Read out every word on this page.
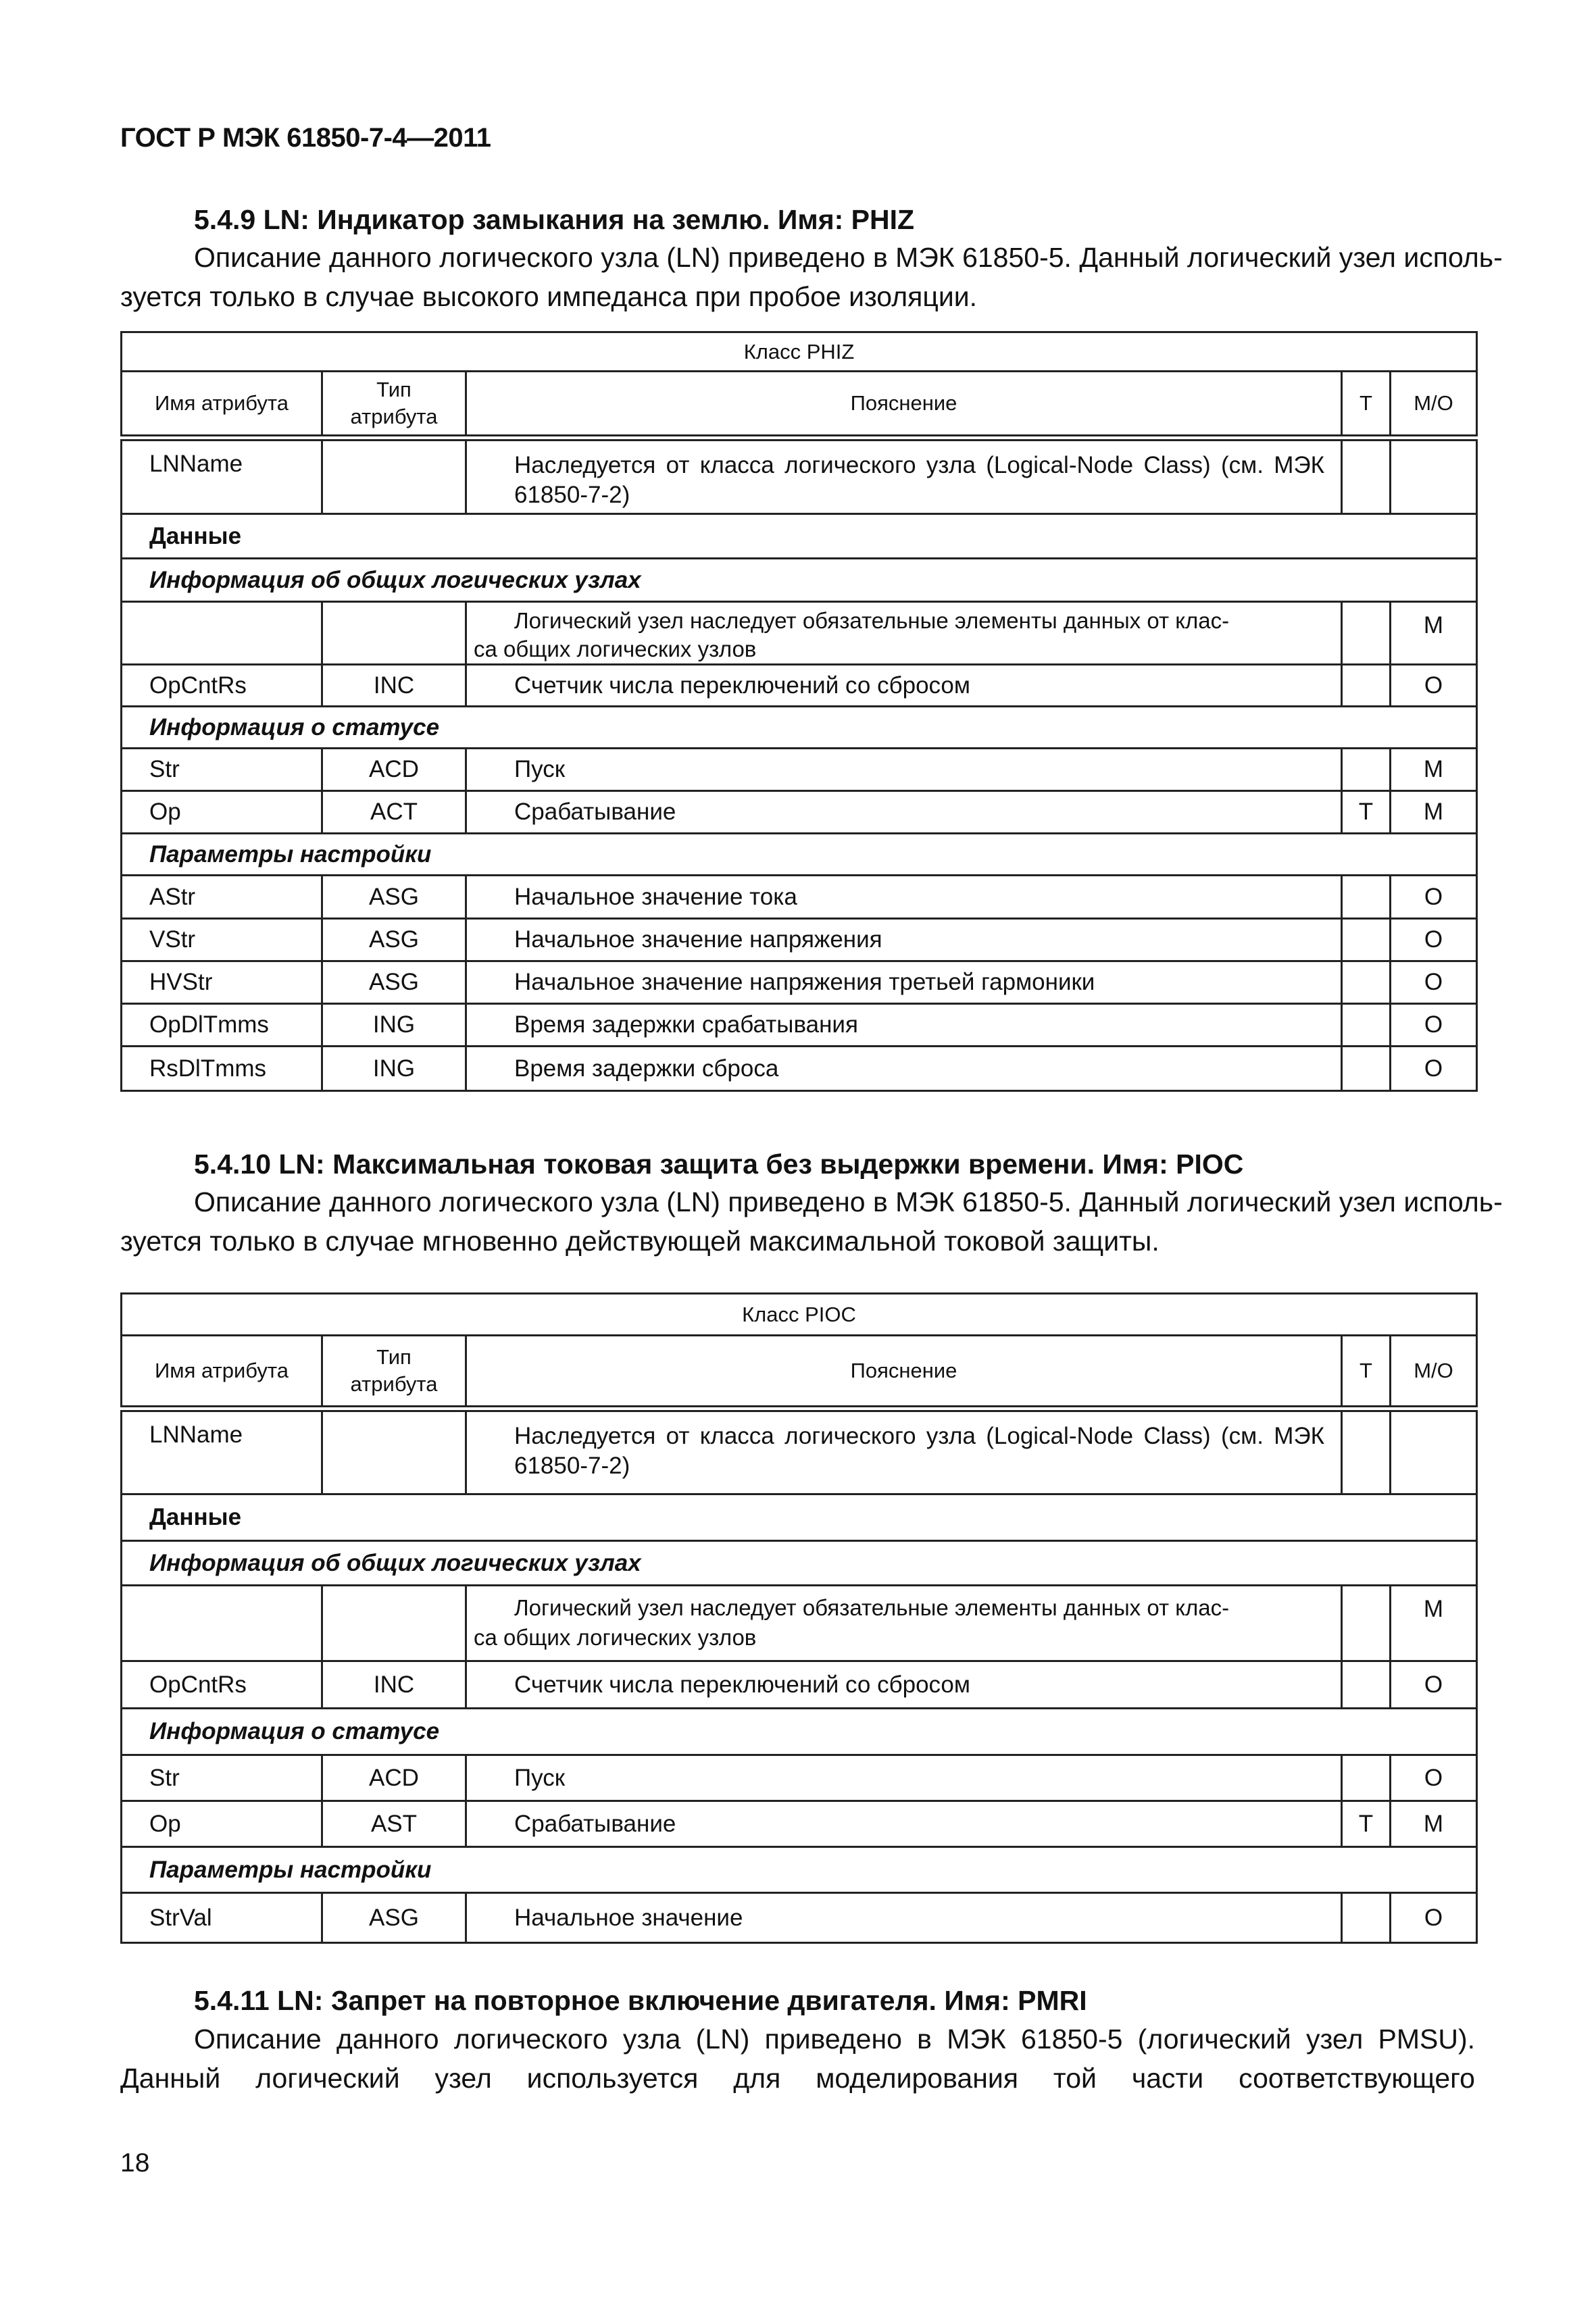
ГОСТ Р МЭК 61850-7-4—2011
5.4.9 LN: Индикатор замыкания на землю. Имя: PHIZ
Описание данного логического узла (LN) приведено в МЭК 61850-5. Данный логический узел исполь-
зуется только в случае высокого импеданса при пробое изоляции.
Класс PHIZ				
Имя атрибута	Тип атрибута	Пояснение	T	M/O
LNName		Наследуется от класса логического узла (Logical-Node Class) (см. МЭК 61850-7-2)		

Данные				
Информация об общих логических узлах				

		Логический узел наследует обязательные элементы данных от клас-
са общих логических узлов		M
OpCntRs	INC	Счетчик числа переключений со сбросом		O
Информация о статусе				
Str	ACD	Пуск		M
Op	ACT	Срабатывание	T	M
Параметры настройки				
AStr	ASG	Начальное значение тока		O
VStr	ASG	Начальное значение напряжения		O
HVStr	ASG	Начальное значение напряжения третьей гармоники		O
OpDlTmms	ING	Время задержки срабатывания		O
RsDlTmms	ING	Время задержки сброса		O
5.4.10 LN: Максимальная токовая защита без выдержки времени. Имя: PIOC
Описание данного логического узла (LN) приведено в МЭК 61850-5. Данный логический узел исполь-
зуется только в случае мгновенно действующей максимальной токовой защиты.
Класс PIOC				
Имя атрибута	Тип атрибута	Пояснение	T	M/O
LNName		Наследуется от класса логического узла (Logical-Node Class) (см. МЭК 61850-7-2)		

Данные				
Информация об общих логических узлах				

		Логический узел наследует обязательные элементы данных от клас-
са общих логических узлов		M
OpCntRs	INC	Счетчик числа переключений со сбросом		O
Информация о статусе				
Str	ACD	Пуск		O
Op	AST	Срабатывание	T	M
Параметры настройки				
StrVal	ASG	Начальное значение		O
5.4.11 LN: Запрет на повторное включение двигателя. Имя: PMRI
Описание данного логического узла (LN) приведено в МЭК 61850-5 (логический узел PMSU).
Данный логический узел используется для моделирования той части соответствующего
18
